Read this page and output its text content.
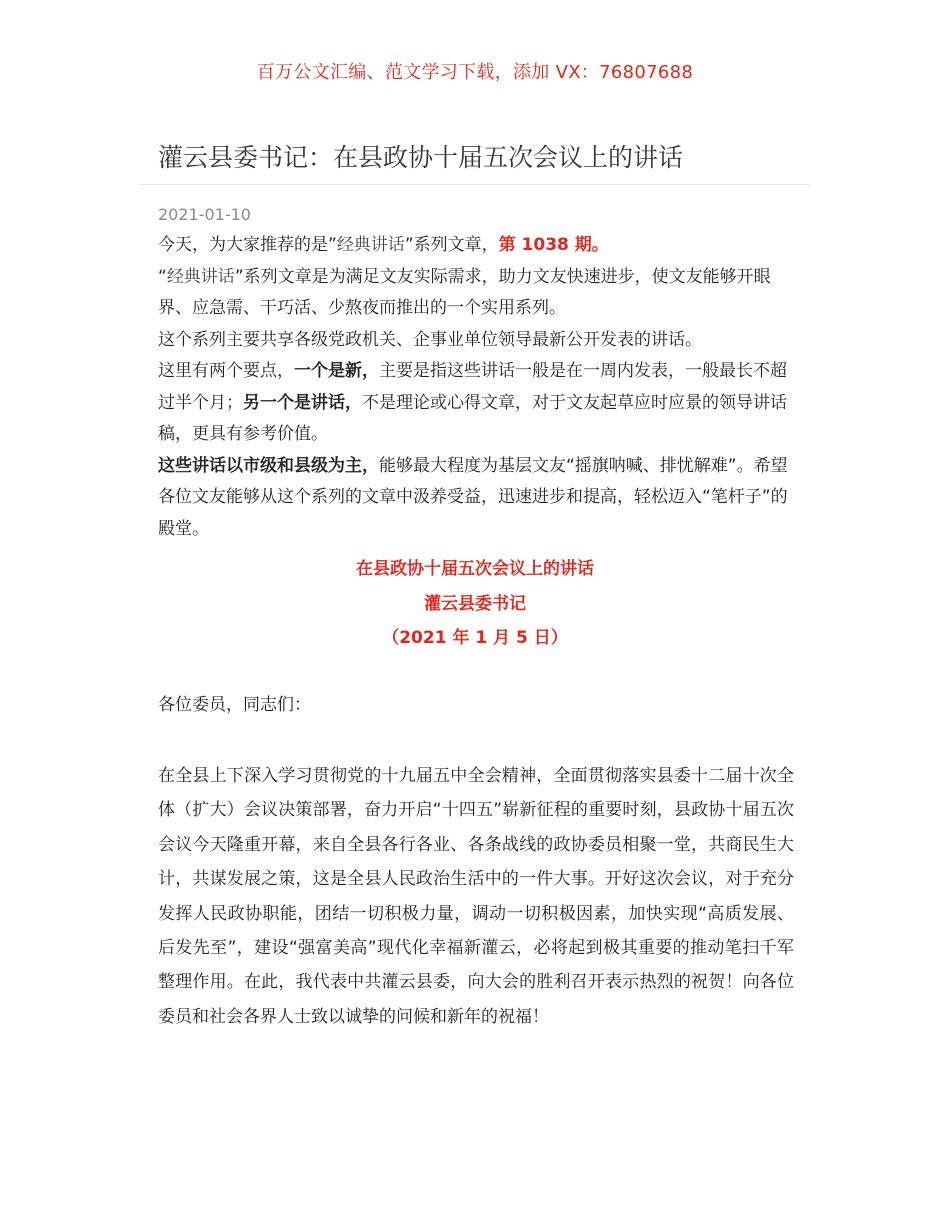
百万公文汇编、范文学习下载，添加 VX：76807688
灌云县委书记：在县政协十届五次会议上的讲话
2021-01-10

今天，为大家推荐的是”经典讲话”系列文章，第 1038 期。

“经典讲话”系列文章是为满足文友实际需求，助力文友快速进步，使文友能够开眼界、应急需、干巧活、少熬夜而推出的一个实用系列。

这个系列主要共享各级党政机关、企事业单位领导最新公开发表的讲话。

这里有两个要点，一个是新，主要是指这些讲话一般是在一周内发表，一般最长不超过半个月；另一个是讲话，不是理论或心得文章，对于文友起草应时应景的领导讲话稿，更具有参考价值。

这些讲话以市级和县级为主，能够最大程度为基层文友“摇旗呐喊、排忧解难”。希望各位文友能够从这个系列的文章中汲养受益，迅速进步和提高，轻松迈入“笔杆子”的殿堂。

在县政协十届五次会议上的讲话
灌云县委书记
（2021 年 1 月 5 日）
各位委员，同志们：

在全县上下深入学习贯彻党的十九届五中全会精神，全面贯彻落实县委十二届十次全体（扩大）会议决策部署，奋力开启“十四五”崭新征程的重要时刻，县政协十届五次会议今天隆重开幕，来自全县各行各业、各条战线的政协委员相聚一堂，共商民生大计，共谋发展之策，这是全县人民政治生活中的一件大事。开好这次会议，对于充分发挥人民政协职能，团结一切积极力量，调动一切积极因素，加快实现“高质发展、后发先至”，建设“强富美高”现代化幸福新灌云，必将起到极其重要的推动笔扫千军整理作用。在此，我代表中共灌云县委，向大会的胜利召开表示热烈的祝贺！向各位委员和社会各界人士致以诚挚的问候和新年的祝福！
